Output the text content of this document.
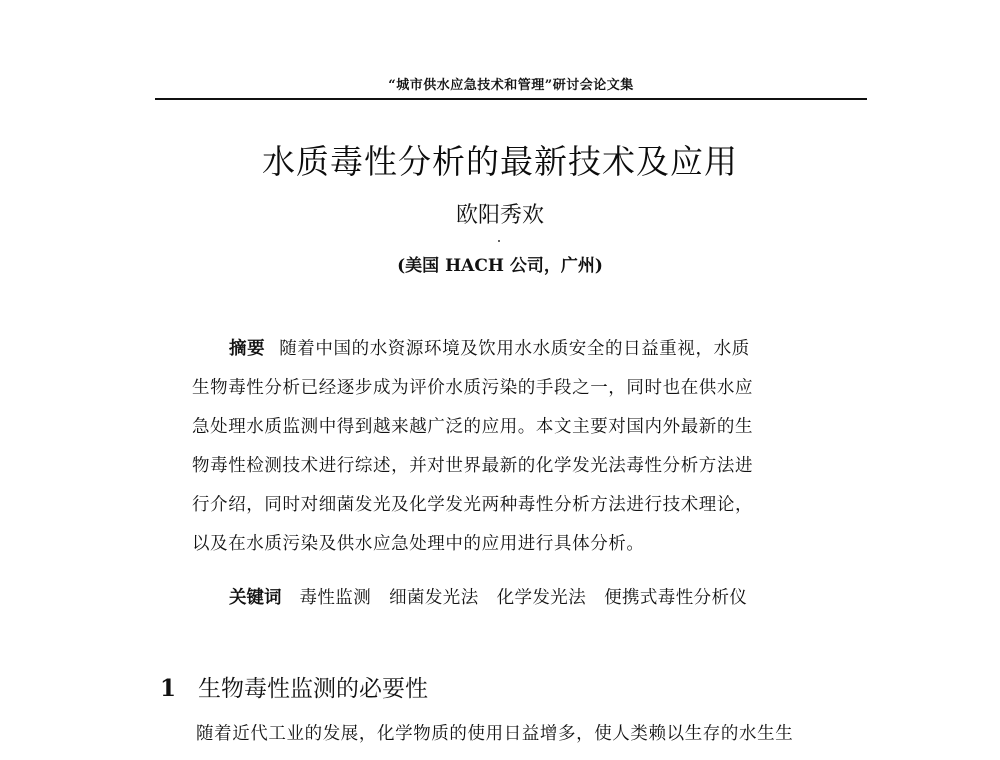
“城市供水应急技术和管理”研讨会论文集
水质毒性分析的最新技术及应用
欧阳秀欢
(美国 HACH 公司，广州)
摘要 随着中国的水资源环境及饮用水水质安全的日益重视，水质
生物毒性分析已经逐步成为评价水质污染的手段之一，同时也在供水应
急处理水质监测中得到越来越广泛的应用。本文主要对国内外最新的生
物毒性检测技术进行综述，并对世界最新的化学发光法毒性分析方法进
行介绍，同时对细菌发光及化学发光两种毒性分析方法进行技术理论，
以及在水质污染及供水应急处理中的应用进行具体分析。
关键词 毒性监测 细菌发光法 化学发光法 便携式毒性分析仪
1 生物毒性监测的必要性
随着近代工业的发展，化学物质的使用日益增多，使人类赖以生存的水生生
